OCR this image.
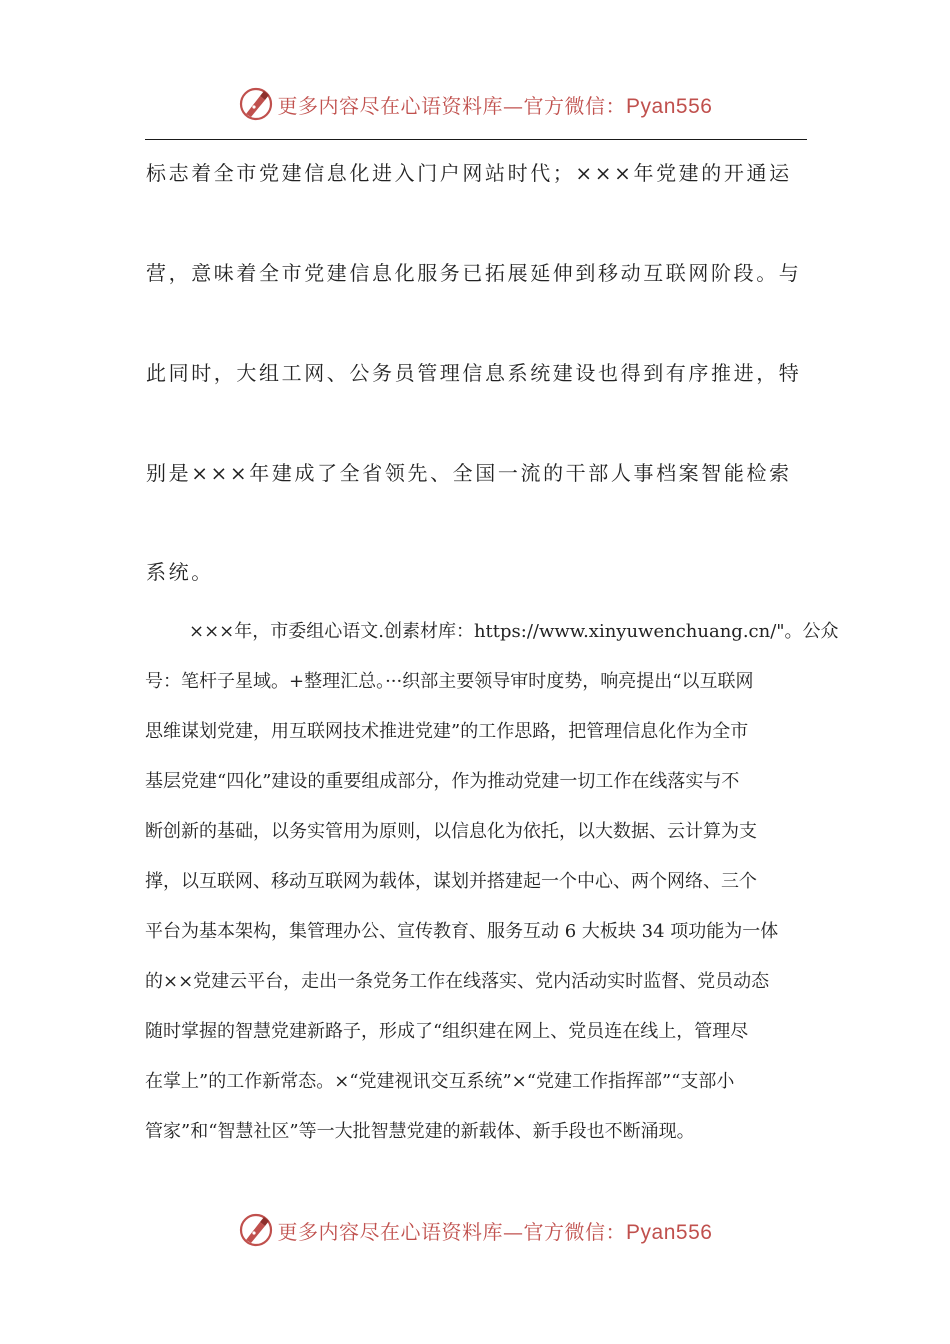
更多内容尽在心语资料库—官方微信：Pyan556
标志着全市党建信息化进入门户网站时代；×××年党建的开通运
营，意味着全市党建信息化服务已拓展延伸到移动互联网阶段。与
此同时，大组工网、公务员管理信息系统建设也得到有序推进，特
别是×××年建成了全省领先、全国一流的干部人事档案智能检索
系统。
×××年，市委组心语文.创素材库：https://www.xinyuwenchuang.cn/"。公众
号：笔杆子星域。+整理汇总。···织部主要领导审时度势，响亮提出“以互联网
思维谋划党建，用互联网技术推进党建”的工作思路，把管理信息化作为全市
基层党建“四化”建设的重要组成部分，作为推动党建一切工作在线落实与不
断创新的基础，以务实管用为原则，以信息化为依托，以大数据、云计算为支
撑，以互联网、移动互联网为载体，谋划并搭建起一个中心、两个网络、三个
平台为基本架构，集管理办公、宣传教育、服务互动 6 大板块 34 项功能为一体
的××党建云平台，走出一条党务工作在线落实、党内活动实时监督、党员动态
随时掌握的智慧党建新路子，形成了“组织建在网上、党员连在线上，管理尽
在掌上”的工作新常态。×“党建视讯交互系统”×“党建工作指挥部”“支部小
管家”和“智慧社区”等一大批智慧党建的新载体、新手段也不断涌现。
更多内容尽在心语资料库—官方微信：Pyan556
